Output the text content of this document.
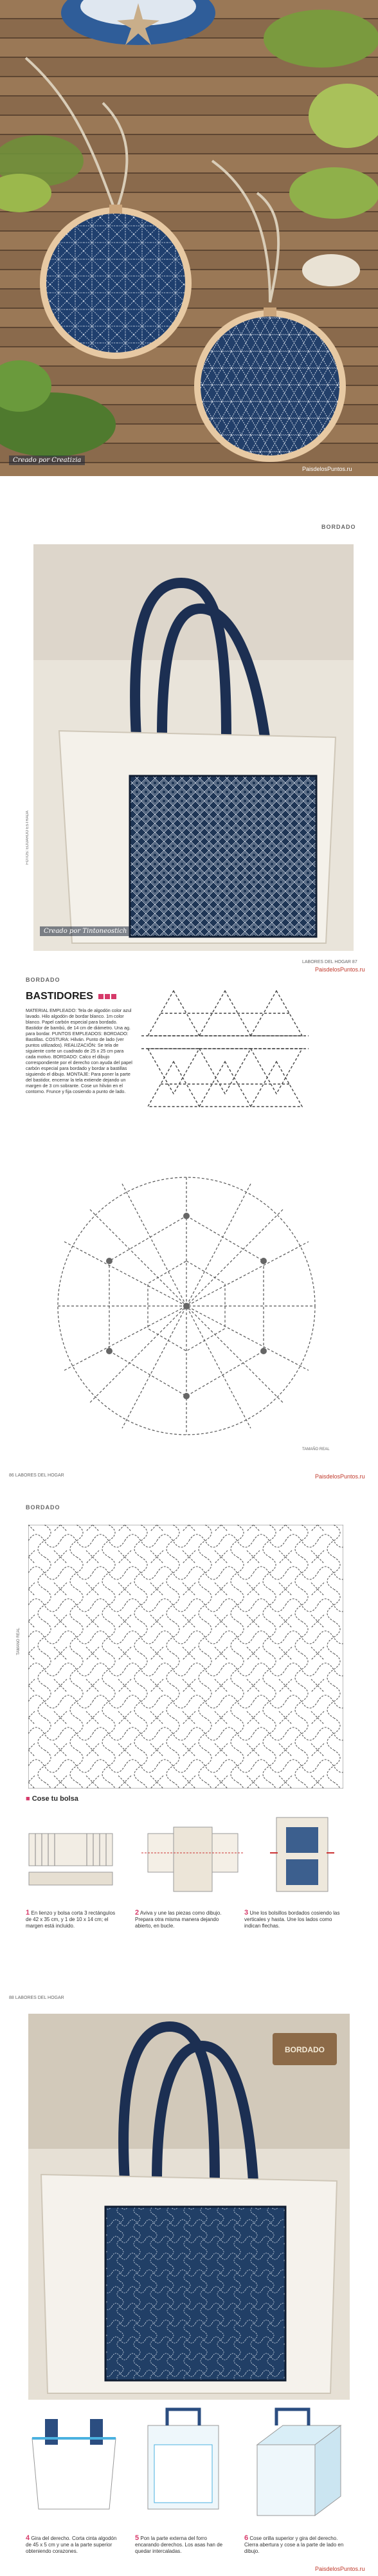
Creado por Creatizia
PaisdelosPuntos.ru
BORDADO
Creado por Tintoneostich
FOTOS: EDUARDO ESTRADA
LABORES DEL HOGAR 87
PaisdelosPuntos.ru
BORDADO
BASTIDORES
MATERIAL EMPLEADO: Tela de algodón color azul lavado. Hilo algodón de bordar blanco. 1m color blanco. Papel carbón especial para bordado. Bastidor de bambú, de 14 cm de diámetro. Una ag. para bordar. PUNTOS EMPLEADOS: BORDADO: Bastillas. COSTURA: Hilván. Punto de lado (ver puntos utilizados). REALIZACIÓN: Se tela de siguiente corte un cuadrado de 25 x 25 cm para cada motivo. BORDADO: Calco el dibujo correspondiente por el derecho con ayuda del papel carbón especial para bordado y bordar a bastillas siguiendo el dibujo. MONTAJE: Para poner la parte del bastidor, encerrar la tela extiende dejando un margen de 3 cm sobrante. Cose un hilván en el contorno. Frunce y fija cosiendo a punto de lado.
TAMAÑO REAL
86 LABORES DEL HOGAR	PaisdelosPuntos.ru
BORDADO
TAMAÑO REAL
■ Cose tu bolsa
1 En lienzo y bolsa corta 3 rectángulos de 42 x 35 cm, y 1 de 10 x 14 cm; el margen está incluido.
2 Aviva y une las piezas como dibujo. Prepara otra misma manera dejando abierto, en bucle.
3 Une los bolsillos bordados cosiendo las verticales y hasta. Une los lados como indican flechas.
88 LABORES DEL HOGAR
BORDADO
4 Gira del derecho. Corta cinta algodón de 45 x 5 cm y une a la parte superior obteniendo corazones.
5 Pon la parte externa del forro encarando derechos. Los asas han de quedar intercaladas.
6 Cose orilla superior y gira del derecho. Cierra abertura y cose a la parte de lado en dibujo.
PaisdelosPuntos.ru
